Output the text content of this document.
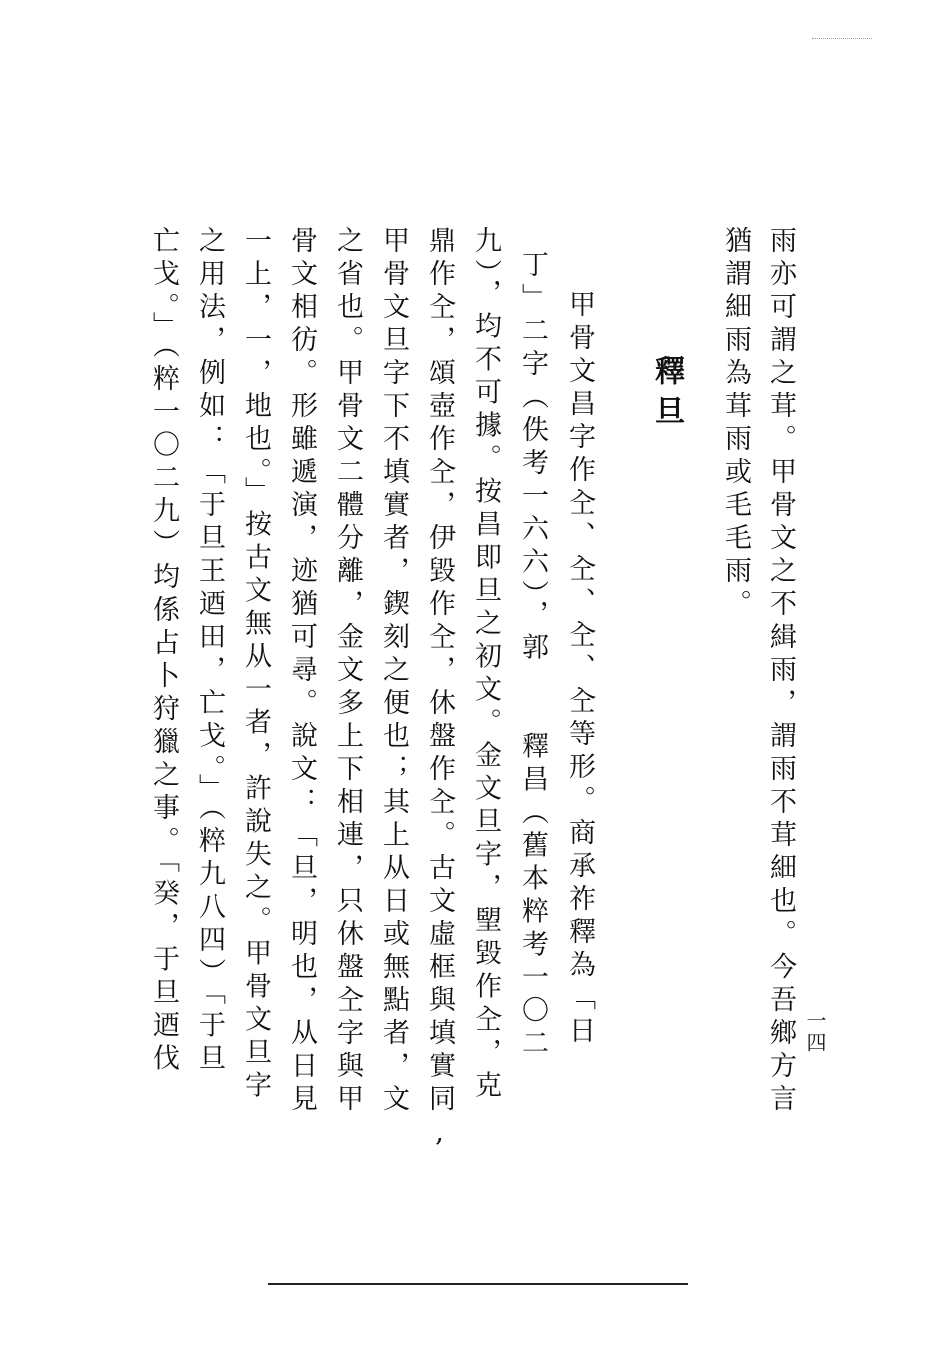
一四
雨亦可謂之茸。甲骨文之不緝雨，謂雨不茸細也。今吾鄉方言
猶謂細雨為茸雨或毛毛雨。
釋旦
甲骨文昌字作㒰、㒰、㒰、㒰等形。商承祚釋為「日
丁」二字（佚考一六六），郭　　釋昌（舊本粹考一〇二
九），均不可據。按昌即旦之初文。金文旦字，朢毀作㒰，克
鼎作㒰，頌壺作㒰，伊毀作㒰，休盤作㒰。古文虛框與填實同,
甲骨文旦字下不填實者，鍥刻之便也；其上从日或無點者，文
之省也。甲骨文二體分離，金文多上下相連，只休盤㒰字與甲
骨文相彷。形雖遞演，迹猶可尋。說文：「旦，明也，从日見
一上，一，地也。」按古文無从一者，許說失之。甲骨文旦字
之用法，例如：「于旦王迺田，亡戈。」（粹九八四）「于旦
亡戈。」（粹一〇二九）均係占卜狩獵之事。「癸，于旦迺伐
